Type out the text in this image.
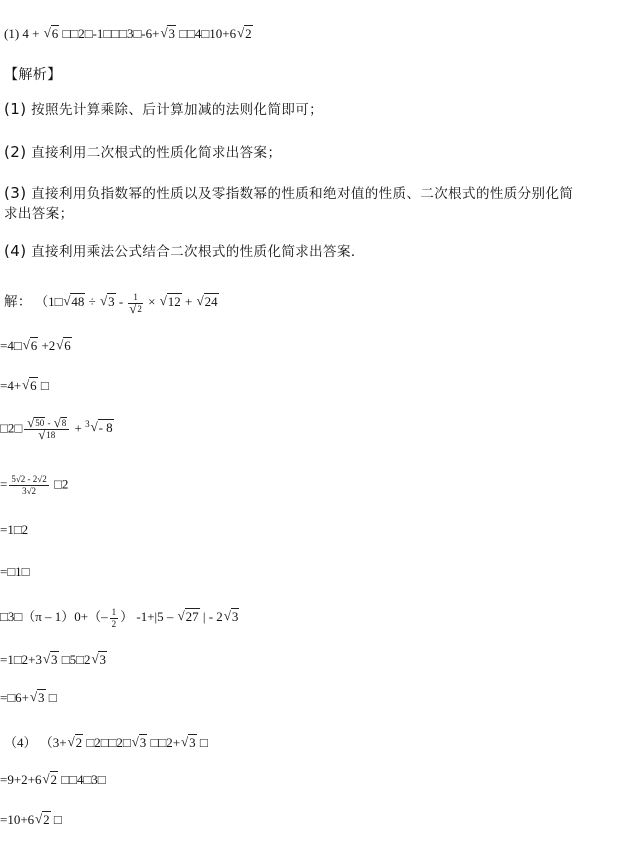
(1) 4 + √ 6 □□2□-1□□□3□-6+ √ 3 □□4□10+6 √ 2
【解析】
(1) 按照先计算乘除、后计算加减的法则化简即可；
(2) 直接利用二次根式的性质化简求出答案；
(3) 直接利用负指数幂的性质以及零指数幂的性质和绝对值的性质、二次根式的性质分别化简
求出答案；
(4) 直接利用乘法公式结合二次根式的性质化简求出答案．
解： （1□ √ 48 ÷ √ 3 - 1
√ 2 × √ 12 + √ 24
=4□ √ 6 +2 √ 6
=4+ √ 6 □
□2□ √ 50 - √ 8
√ 18 + $^3$ √ - 8
= $\frac{5√2 - 2√2}{3√2}$ □2
=1□2
=□1□
□3□（π – $1)0+(- \frac{1}{2}$ ） -1+|5 – √ 27 | - 2 √ 3
=1□2+3 √ 3 □5□2 √ 3
=□6+ √ 3 □
（4） （3+ √ 2 □2□□2□ √ 3 □□2+ √ 3 □
=9+2+6 √ 2 □□4□3□
=10+6 √ 2 □
